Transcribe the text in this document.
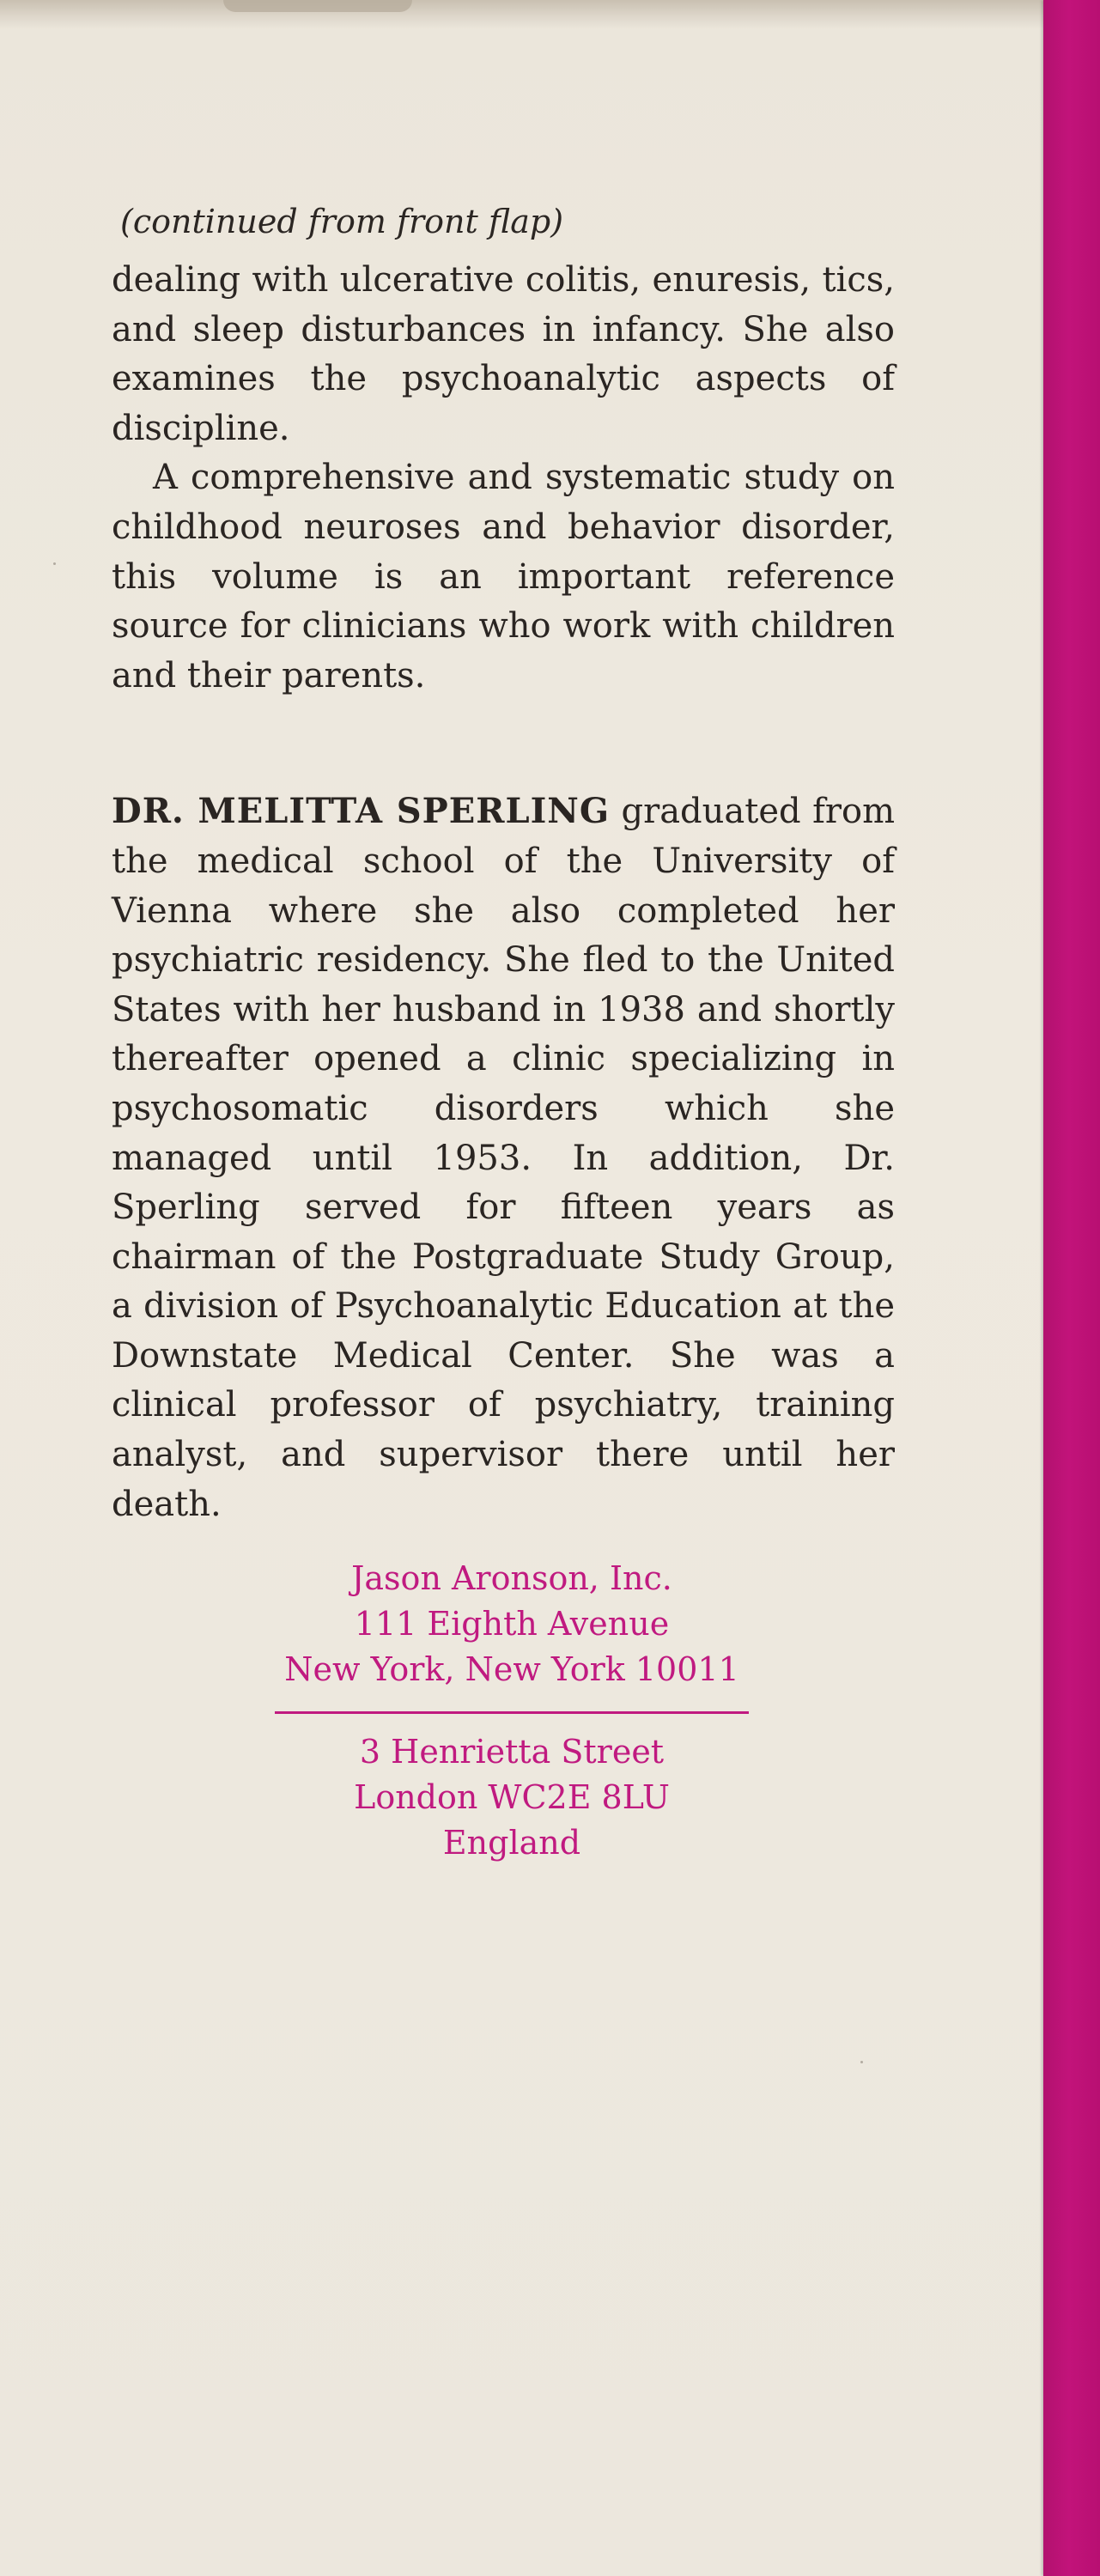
(continued from front flap)

dealing with ulcerative colitis, enuresis, tics, and sleep disturbances in infancy. She also examines the psychoanalytic aspects of discipline.

A comprehensive and systematic study on childhood neuroses and behavior disorder, this volume is an important reference source for clinicians who work with children and their parents.

DR. MELITTA SPERLING graduated from the medical school of the University of Vienna where she also completed her psychiatric residency. She fled to the United States with her husband in 1938 and shortly thereafter opened a clinic specializing in psychosomatic disorders which she managed until 1953. In addition, Dr. Sperling served for fifteen years as chairman of the Postgraduate Study Group, a division of Psychoanalytic Education at the Downstate Medical Center. She was a clinical professor of psychiatry, training analyst, and supervisor there until her death.

Jason Aronson, Inc.
111 Eighth Avenue
New York, New York 10011
3 Henrietta Street
London WC2E 8LU
England
